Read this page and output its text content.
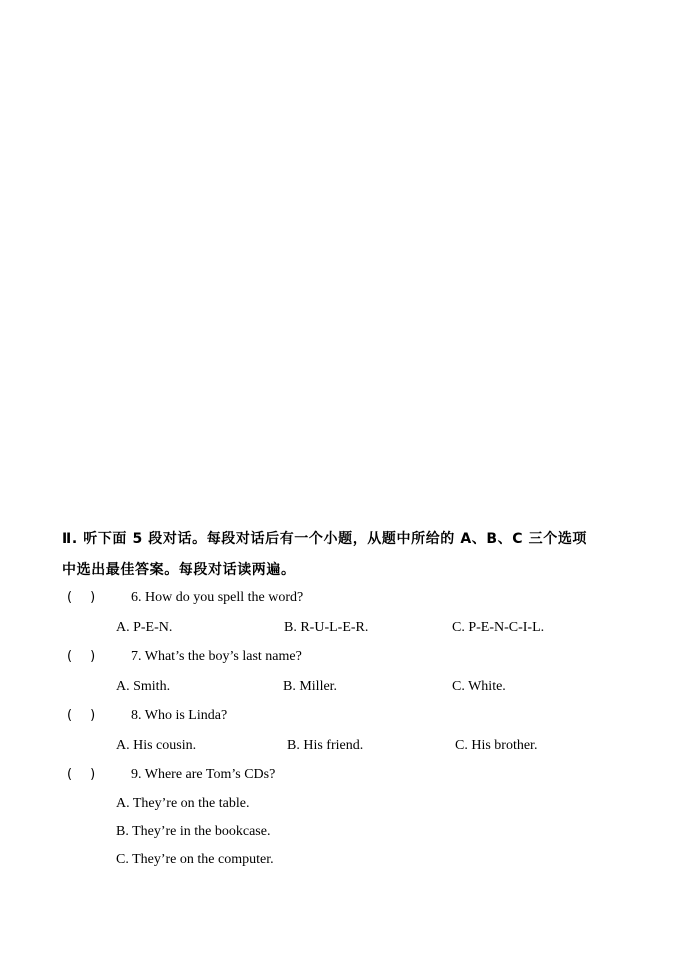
Ⅱ. 听下面 5 段对话。每段对话后有一个小题，从题中所给的 A、B、C 三个选项
中选出最佳答案。每段对话读两遍。
( )	6. How do you spell the word?
A. P-E-N.	B. R-U-L-E-R.	C. P-E-N-C-I-L.
( )	7. What’s the boy’s last name?
A. Smith.	B. Miller.	C. White.
( )	8. Who is Linda?
A. His cousin.	B. His friend.	C. His brother.
( )	9. Where are Tom’s CDs?
A. They’re on the table.
B. They’re in the bookcase.
C. They’re on the computer.
